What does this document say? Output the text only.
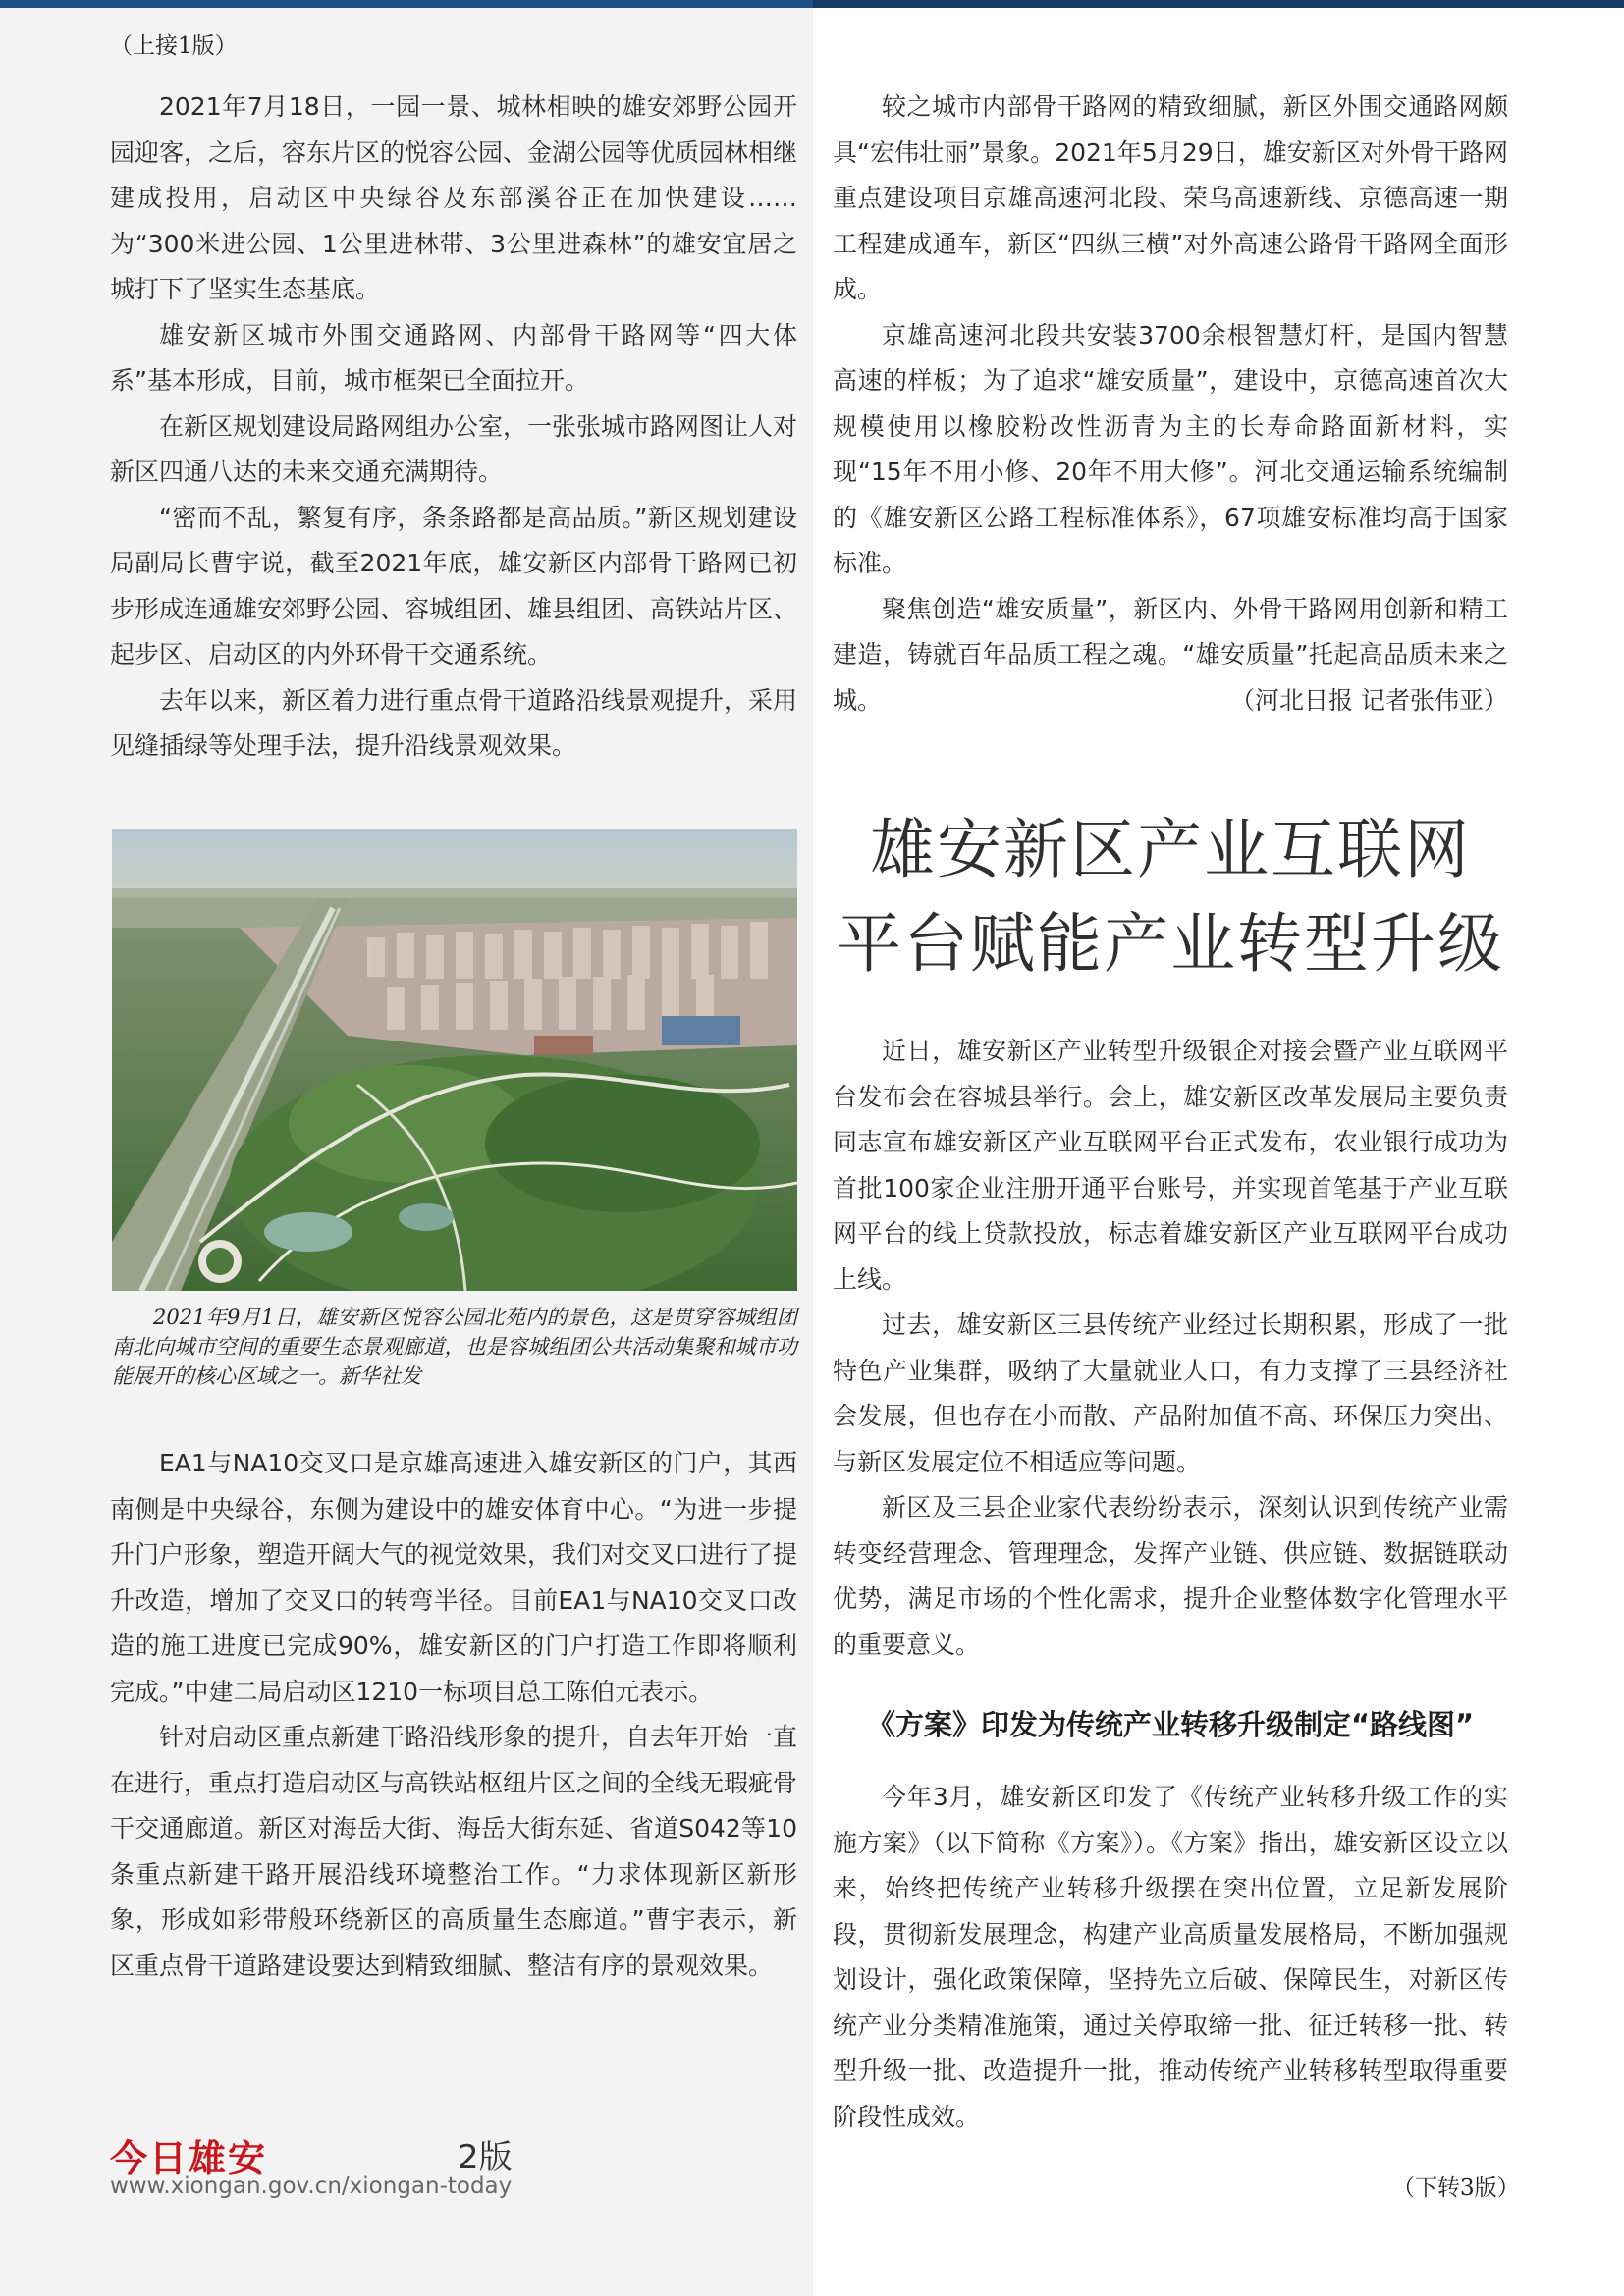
（上接1版）

2021年7月18日，一园一景、城林相映的雄安郊野公园开园迎客，之后，容东片区的悦容公园、金湖公园等优质园林相继建成投用，启动区中央绿谷及东部溪谷正在加快建设……为“300米进公园、1公里进林带、3公里进森林”的雄安宜居之城打下了坚实生态基底。

雄安新区城市外围交通路网、内部骨干路网等“四大体系”基本形成，目前，城市框架已全面拉开。

在新区规划建设局路网组办公室，一张张城市路网图让人对新区四通八达的未来交通充满期待。

“密而不乱，繁复有序，条条路都是高品质。”新区规划建设局副局长曹宇说，截至2021年底，雄安新区内部骨干路网已初步形成连通雄安郊野公园、容城组团、雄县组团、高铁站片区、起步区、启动区的内外环骨干交通系统。

去年以来，新区着力进行重点骨干道路沿线景观提升，采用见缝插绿等处理手法，提升沿线景观效果。

2021年9月1日，雄安新区悦容公园北苑内的景色，这是贯穿容城组团南北向城市空间的重要生态景观廊道，也是容城组团公共活动集聚和城市功能展开的核心区域之一。新华社发

EA1与NA10交叉口是京雄高速进入雄安新区的门户，其西南侧是中央绿谷，东侧为建设中的雄安体育中心。“为进一步提升门户形象，塑造开阔大气的视觉效果，我们对交叉口进行了提升改造，增加了交叉口的转弯半径。目前EA1与NA10交叉口改造的施工进度已完成90%，雄安新区的门户打造工作即将顺利完成。”中建二局启动区1210一标项目总工陈伯元表示。

针对启动区重点新建干路沿线形象的提升，自去年开始一直在进行，重点打造启动区与高铁站枢纽片区之间的全线无瑕疵骨干交通廊道。新区对海岳大街、海岳大街东延、省道S042等10条重点新建干路开展沿线环境整治工作。“力求体现新区新形象，形成如彩带般环绕新区的高质量生态廊道。”曹宇表示，新区重点骨干道路建设要达到精致细腻、整洁有序的景观效果。

今日雄安	2版
www.xiongan.gov.cn/xiongan-today

较之城市内部骨干路网的精致细腻，新区外围交通路网颇具“宏伟壮丽”景象。2021年5月29日，雄安新区对外骨干路网重点建设项目京雄高速河北段、荣乌高速新线、京德高速一期工程建成通车，新区“四纵三横”对外高速公路骨干路网全面形成。

京雄高速河北段共安装3700余根智慧灯杆，是国内智慧高速的样板；为了追求“雄安质量”，建设中，京德高速首次大规模使用以橡胶粉改性沥青为主的长寿命路面新材料，实现“15年不用小修、20年不用大修”。河北交通运输系统编制的《雄安新区公路工程标准体系》，67项雄安标准均高于国家标准。

聚焦创造“雄安质量”，新区内、外骨干路网用创新和精工建造，铸就百年品质工程之魂。“雄安质量”托起高品质未来之城。	（河北日报 记者张伟亚）

雄安新区产业互联网
平台赋能产业转型升级

近日，雄安新区产业转型升级银企对接会暨产业互联网平台发布会在容城县举行。会上，雄安新区改革发展局主要负责同志宣布雄安新区产业互联网平台正式发布，农业银行成功为首批100家企业注册开通平台账号，并实现首笔基于产业互联网平台的线上贷款投放，标志着雄安新区产业互联网平台成功上线。

过去，雄安新区三县传统产业经过长期积累，形成了一批特色产业集群，吸纳了大量就业人口，有力支撑了三县经济社会发展，但也存在小而散、产品附加值不高、环保压力突出、与新区发展定位不相适应等问题。

新区及三县企业家代表纷纷表示，深刻认识到传统产业需转变经营理念、管理理念，发挥产业链、供应链、数据链联动优势，满足市场的个性化需求，提升企业整体数字化管理水平的重要意义。

《方案》印发为传统产业转移升级制定“路线图”

今年3月，雄安新区印发了《传统产业转移升级工作的实施方案》（以下简称《方案》）。《方案》指出，雄安新区设立以来，始终把传统产业转移升级摆在突出位置，立足新发展阶段，贯彻新发展理念，构建产业高质量发展格局，不断加强规划设计，强化政策保障，坚持先立后破、保障民生，对新区传统产业分类精准施策，通过关停取缔一批、征迁转移一批、转型升级一批、改造提升一批，推动传统产业转移转型取得重要阶段性成效。

（下转3版）
